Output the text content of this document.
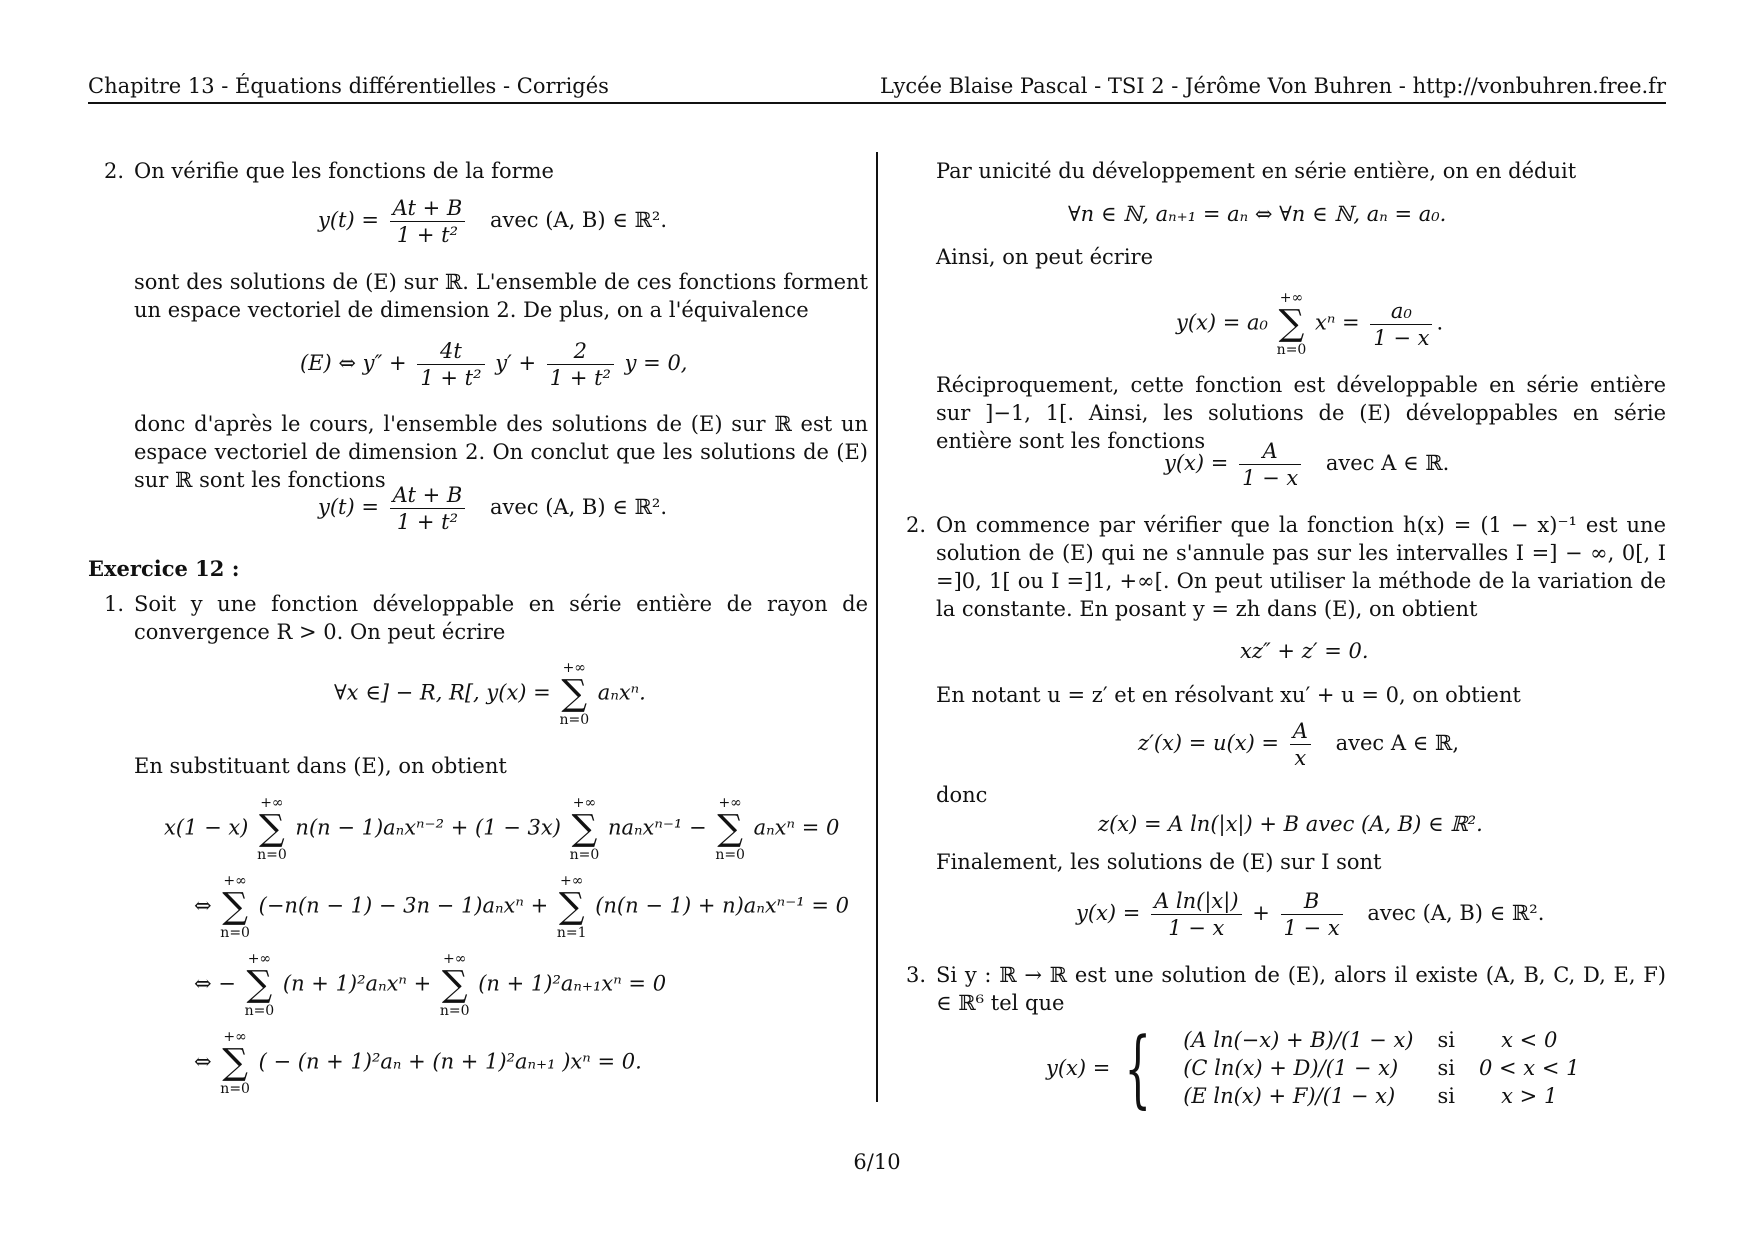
Chapitre 13 - Équations différentielles - Corrigés	Lycée Blaise Pascal - TSI 2 - Jérôme Von Buhren - http://vonbuhren.free.fr
2. On vérifie que les fonctions de la forme
$y(t) = \frac{At + B}{\text{1 + t²}}$ avec (A, B) ∈ ℝ².
sont des solutions de (E) sur ℝ. L'ensemble de ces fonctions forment un espace vectoriel de dimension 2. De plus, on a l'équivalence
(E) ⇔ $y'' + \frac{4t}{\text{1 + t²}} y' + \frac{2}{\text{1 + t²}}$ y = 0,
donc d'après le cours, l'ensemble des solutions de (E) sur ℝ est un espace vectoriel de dimension 2. On conclut que les solutions de (E) sur ℝ sont les fonctions
$y(t) = \frac{At + B}{\text{1 + t²}}$ avec (A, B) ∈ ℝ².
Exercice 12 :
1. Soit y une fonction développable en série entière de rayon de convergence R > 0. On peut écrire
∀x ∈] − R, R[, y(x) =
+∞
∑
n=0
aₙxⁿ.
En substituant dans (E), on obtient
x(1 − x)
+∞
∑
n=0
n(n − 1)aₙxⁿ⁻² + (1 − 3x)
+∞
∑
n=0
naₙxⁿ⁻¹ −
+∞
∑
n=0
aₙxⁿ = 0
⇔
+∞
∑
n=0
(−n(n − 1) − 3n − 1)aₙxⁿ +
+∞
∑
n=1
(n(n − 1) + n)aₙxⁿ⁻¹ = 0
⇔ −
+∞
∑
n=0
(n + 1)²aₙxⁿ +
+∞
∑
n=0
(n + 1)²aₙ₊₁xⁿ = 0
⇔
+∞
∑
n=0
( − (n + 1)²aₙ + (n + 1)²aₙ₊₁ )xⁿ = 0.
Par unicité du développement en série entière, on en déduit
∀n ∈ ℕ, aₙ₊₁ = aₙ ⇔ ∀n ∈ ℕ, aₙ = a₀.
Ainsi, on peut écrire
y(x) = a₀
+∞
∑
n=0
$x^n = \frac{\text{a₀}}{1 - x}$ .
Réciproquement, cette fonction est développable en série entière sur ]−1, 1[. Ainsi, les solutions de (E) développables en série entière sont les fonctions
$y(x) = \frac{A}{1 - x}$ avec A ∈ ℝ.
2. On commence par vérifier que la fonction h(x) = (1 − x)⁻¹ est une solution de (E) qui ne s'annule pas sur les intervalles I =] − ∞, 0[, I =]0, 1[ ou I =]1, +∞[. On peut utiliser la méthode de la variation de la constante. En posant y = zh dans (E), on obtient
xz″ + z′ = 0.
En notant u = z′ et en résolvant xu′ + u = 0, on obtient
$z'(x) = u(x) = \frac{A}{x}$ avec A ∈ ℝ,
donc
z(x) = A ln(|x|) + B avec (A, B) ∈ ℝ².
Finalement, les solutions de (E) sur I sont
$y(x) = \frac{\text{A ln(|x|)}}{1 - x} + \frac{B}{1 - x}$ avec (A, B) ∈ ℝ².
3. Si y : ℝ → ℝ est une solution de (E), alors il existe (A, B, C, D, E, F) ∈ ℝ⁶ tel que
y(x) = { (A ln(−x) + B)/(1 − x)	si	x < 0
(C ln(x) + D)/(1 − x)	si	0 < x < 1
(E ln(x) + F)/(1 − x)	si	x > 1
6/10
